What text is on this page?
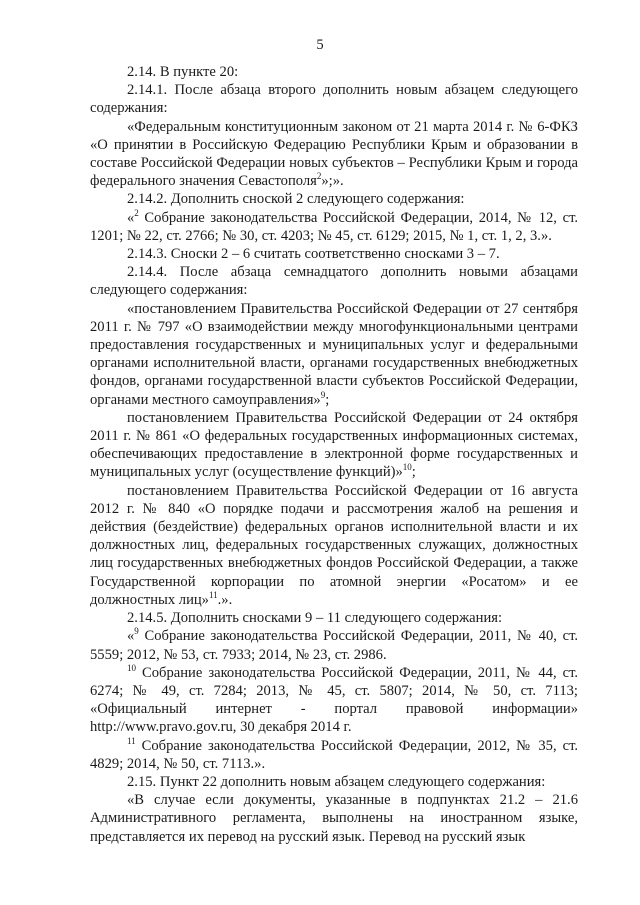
5

2.14. В пункте 20:

2.14.1. После абзаца второго дополнить новым абзацем следующего содержания:

«Федеральным конституционным законом от 21 марта 2014 г. № 6-ФКЗ «О принятии в Российскую Федерацию Республики Крым и образовании в составе Российской Федерации новых субъектов – Республики Крым и города федерального значения Севастополя$^2$»;».

2.14.2. Дополнить сноской 2 следующего содержания:

«$^2$ Собрание законодательства Российской Федерации, 2014, № 12, ст. 1201; № 22, ст. 2766; № 30, ст. 4203; № 45, ст. 6129; 2015, № 1, ст. 1, 2, 3.».

2.14.3. Сноски 2 – 6 считать соответственно сносками 3 – 7.

2.14.4. После абзаца семнадцатого дополнить новыми абзацами следующего содержания:

«постановлением Правительства Российской Федерации от 27 сентября 2011 г. № 797 «О взаимодействии между многофункциональными центрами предоставления государственных и муниципальных услуг и федеральными органами исполнительной власти, органами государственных внебюджетных фондов, органами государственной власти субъектов Российской Федерации, органами местного самоуправления»$^9$;

постановлением Правительства Российской Федерации от 24 октября 2011 г. № 861 «О федеральных государственных информационных системах, обеспечивающих предоставление в электронной форме государственных и муниципальных услуг (осуществление функций)»$^{10}$;

постановлением Правительства Российской Федерации от 16 августа 2012 г. № 840 «О порядке подачи и рассмотрения жалоб на решения и действия (бездействие) федеральных органов исполнительной власти и их должностных лиц, федеральных государственных служащих, должностных лиц государственных внебюджетных фондов Российской Федерации, а также Государственной корпорации по атомной энергии «Росатом» и ее должностных лиц»$^{11}$.».

2.14.5. Дополнить сносками 9 – 11 следующего содержания:

«$^9$ Собрание законодательства Российской Федерации, 2011, № 40, ст. 5559; 2012, № 53, ст. 7933; 2014, № 23, ст. 2986.

$^{10}$ Собрание законодательства Российской Федерации, 2011, № 44, ст. 6274; № 49, ст. 7284; 2013, № 45, ст. 5807; 2014, № 50, ст. 7113; «Официальный интернет - портал правовой информации» http://www.pravo.gov.ru, 30 декабря 2014 г.

$^{11}$ Собрание законодательства Российской Федерации, 2012, № 35, ст. 4829; 2014, № 50, ст. 7113.».

2.15. Пункт 22 дополнить новым абзацем следующего содержания:

«В случае если документы, указанные в подпунктах 21.2 – 21.6 Административного регламента, выполнены на иностранном языке, представляется их перевод на русский язык. Перевод на русский язык
